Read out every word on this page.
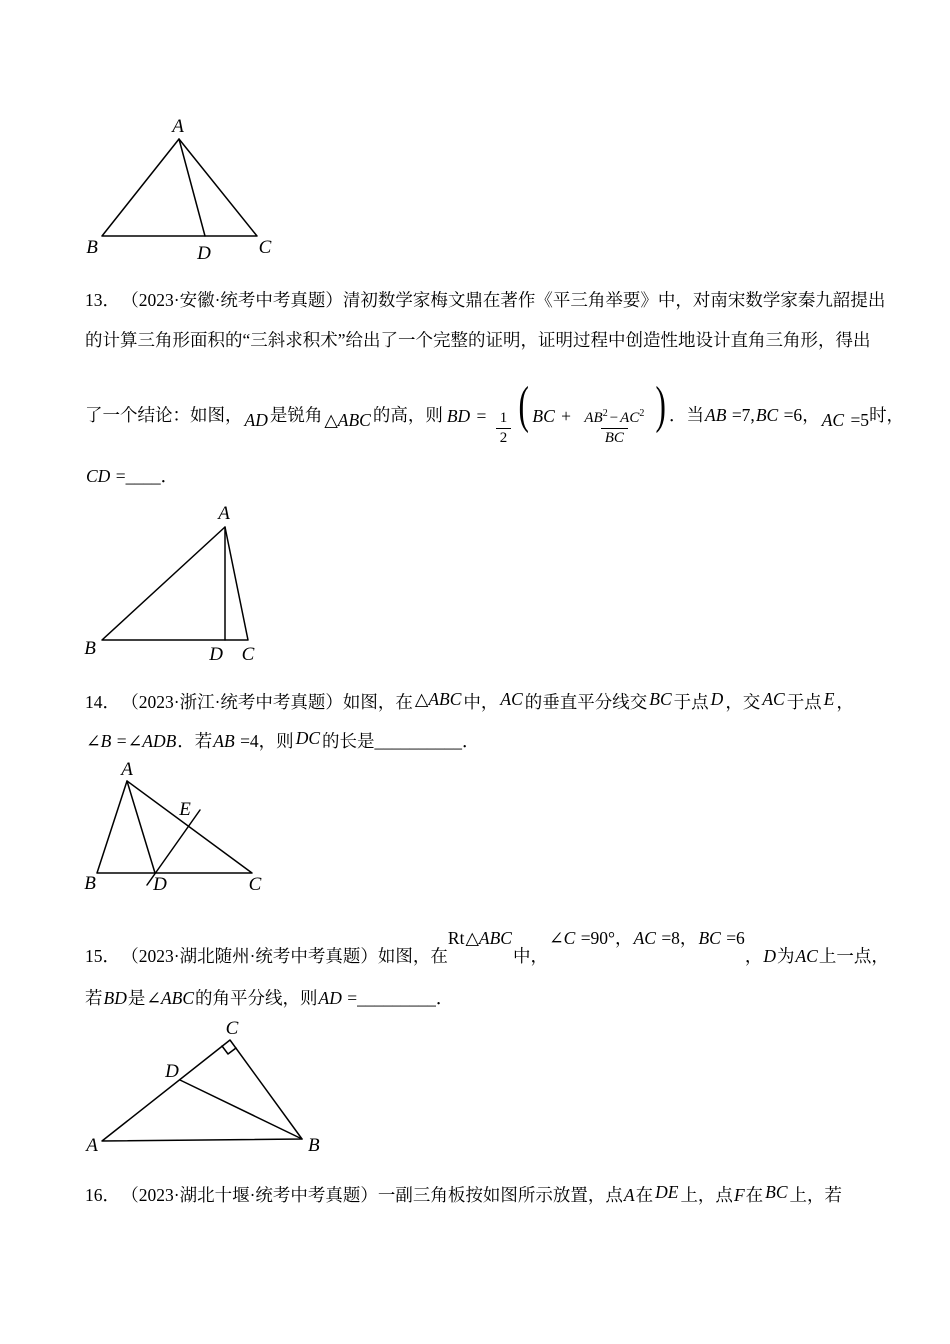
A
B	C
D
13． （2023·安徽·统考中考真题）清初数学家梅文鼎在著作《平三角举要》中，对南宋数学家秦九韶提出
的计算三角形面积的“三斜求积术”给出了一个完整的证明，证明过程中创造性地设计直角三角形，得出
了一个结论：如图， AD 是锐角 △ABC 的高，则 BD = $\frac{1}{2}$ ( BC + $\frac{AB^2 - AC^2}{BC}$ ) ．当AB =7,BC =6， AC =5时，
CD =____．
A
B	C
D
14． （2023·浙江·统考中考真题）如图，在 △ABC 中， AC 的垂直平分线交 BC 于点 D ，交 AC 于点 E ，
∠B =∠ADB．若AB =4，则 DC 的长是__________．
A
B	D	C
E
15． （2023·湖北随州·统考中考真题）如图，在Rt△ABC中，∠C =90°，AC =8，BC =6，D为AC上一点，
若BD是∠ABC的角平分线，则AD =_________．
C
A	B
D
16． （2023·湖北十堰·统考中考真题）一副三角板按如图所示放置，点A在 DE 上，点F在 BC 上，若
